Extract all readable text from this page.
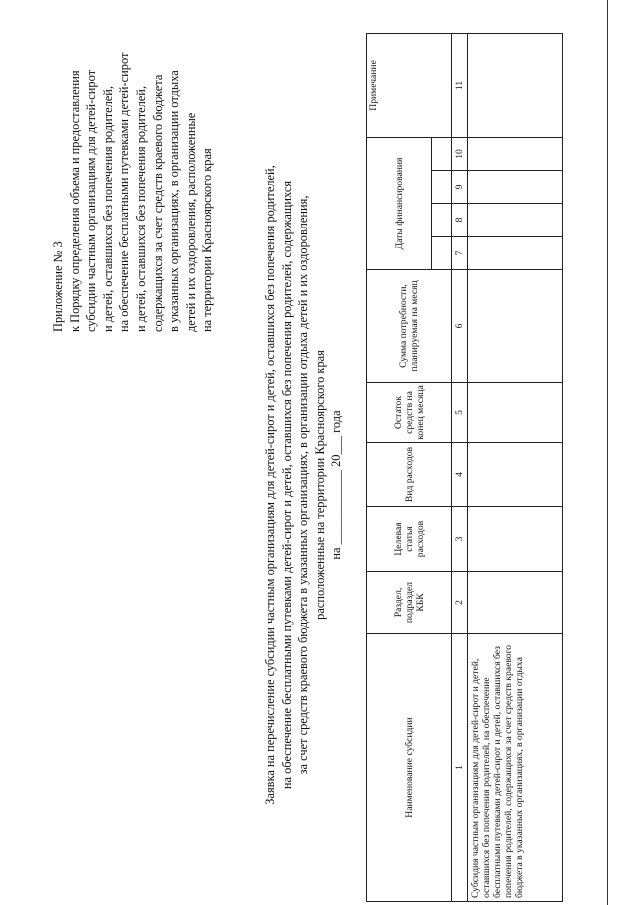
Приложение № 3 к Порядку определения объема и предоставления субсидии частным организациям для детей-сирот и детей, оставшихся без попечения родителей, на обеспечение бесплатными путевками детей-сирот и детей, оставшихся без попечения родителей, содержащихся за счет средств краевого бюджета в указанных организациях, в организации отдыха детей и их оздоровления, расположенные на территории Красноярского края	Заявка на перечисление субсидии частным организациям для детей-сирот и детей, оставшихся без попечения родителей, на обеспечение бесплатными путевками детей-сирот и детей, оставшихся без попечения родителей, содержащихся за счет средств краевого бюджета в указанных организациях, в организации отдыха детей и их оздоровления, расположенные на территории Красноярского края на ____________ 20___ года
Наименование субсидии	Раздел, подраздел КБК	Целевая статья расходов	Вид расходов	Остаток средств на конец месяца	Сумма потребности, планируемая на месяц	Даты финансирования				Примечание

1	2	3	4	5	6	7	8	9	10	11
Субсидия частным организациям для детей-сирот и детей, оставшихся без попечения родителей, на обеспечение бесплатными путевками детей-сирот и детей, оставшихся без попечения родителей, содержащихся за счет средств краевого бюджета в указанных организациях, в организации отдыха										
